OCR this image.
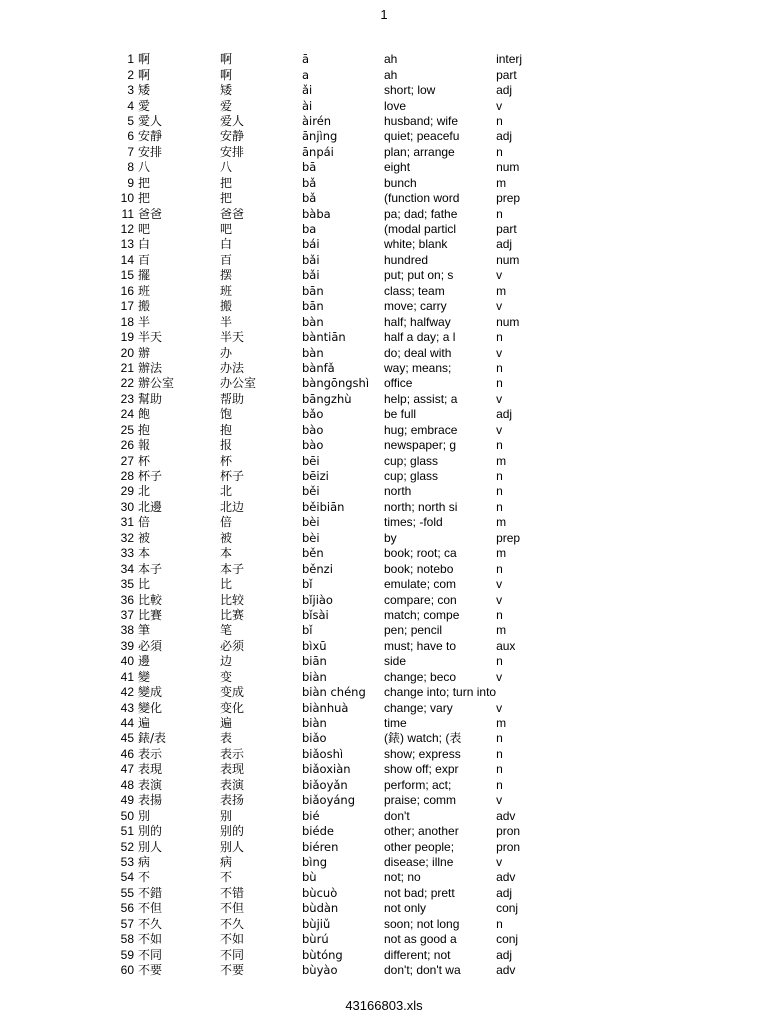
1
1	啊	啊	ā	ah	interj
2	啊	啊	a	ah	part
3	矮	矮	ǎi	short; low	adj
4	愛	爱	ài	love	v
5	愛人	爱人	àirén	husband; wife	n
6	安靜	安静	ānjìng	quiet; peacefu	adj
7	安排	安排	ānpái	plan; arrange	n
8	八	八	bā	eight	num
9	把	把	bǎ	bunch	m
10	把	把	bǎ	(function word	prep
11	爸爸	爸爸	bàba	pa; dad; fathe	n
12	吧	吧	ba	(modal particl	part
13	白	白	bái	white; blank	adj
14	百	百	bǎi	hundred	num
15	擺	摆	bǎi	put; put on; s	v
16	班	班	bān	class; team	m
17	搬	搬	bān	move; carry	v
18	半	半	bàn	half; halfway	num
19	半天	半天	bàntiān	half a day; a l	n
20	辦	办	bàn	do; deal with	v
21	辦法	办法	bànfǎ	way; means;	n
22	辦公室	办公室	bàngōngshì	office	n
23	幫助	帮助	bāngzhù	help; assist; a	v
24	飽	饱	bǎo	be full	adj
25	抱	抱	bào	hug; embrace	v
26	報	报	bào	newspaper; g	n
27	杯	杯	bēi	cup; glass	m
28	杯子	杯子	bēizi	cup; glass	n
29	北	北	běi	north	n
30	北邊	北边	běibiān	north; north si	n
31	倍	倍	bèi	times; -fold	m
32	被	被	bèi	by	prep
33	本	本	běn	book; root; ca	m
34	本子	本子	běnzi	book; notebo	n
35	比	比	bǐ	emulate; com	v
36	比較	比较	bǐjiào	compare; con	v
37	比賽	比赛	bǐsài	match; compe	n
38	筆	笔	bǐ	pen; pencil	m
39	必須	必须	bìxū	must; have to	aux
40	邊	边	biān	side	n
41	變	变	biàn	change; beco	v
42	變成	变成	biàn chéng	change into; turn into	
43	變化	变化	biànhuà	change; vary	v
44	遍	遍	biàn	time	m
45	錶/表	表	biǎo	(錶) watch; (表	n
46	表示	表示	biǎoshì	show; express	n
47	表現	表现	biǎoxiàn	show off; expr	n
48	表演	表演	biǎoyǎn	perform; act;	n
49	表揚	表扬	biǎoyáng	praise; comm	v
50	別	别	bié	don't	adv
51	別的	别的	biéde	other; another	pron
52	別人	别人	biéren	other people;	pron
53	病	病	bìng	disease; illne	v
54	不	不	bù	not; no	adv
55	不錯	不错	bùcuò	not bad; prett	adj
56	不但	不但	bùdàn	not only	conj
57	不久	不久	bùjiǔ	soon; not long	n
58	不如	不如	bùrú	not as good a	conj
59	不同	不同	bùtóng	different; not	adj
60	不要	不要	bùyào	don't; don't wa	adv
43166803.xls
